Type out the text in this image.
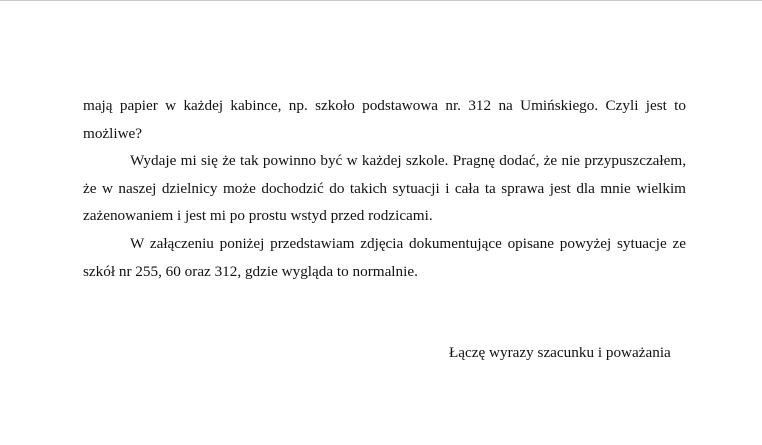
mają papier w każdej kabince, np. szkoło podstawowa nr. 312 na Umińskiego. Czyli jest to możliwe?

Wydaje mi się że tak powinno być w każdej szkole. Pragnę dodać, że nie przypuszczałem, że w naszej dzielnicy może dochodzić do takich sytuacji i cała ta sprawa jest dla mnie wielkim zażenowaniem i jest mi po prostu wstyd przed rodzicami.

W załączeniu poniżej przedstawiam zdjęcia dokumentujące opisane powyżej sytuacje ze szkół nr 255, 60 oraz 312, gdzie wygląda to normalnie.

Łączę wyrazy szacunku i poważania
